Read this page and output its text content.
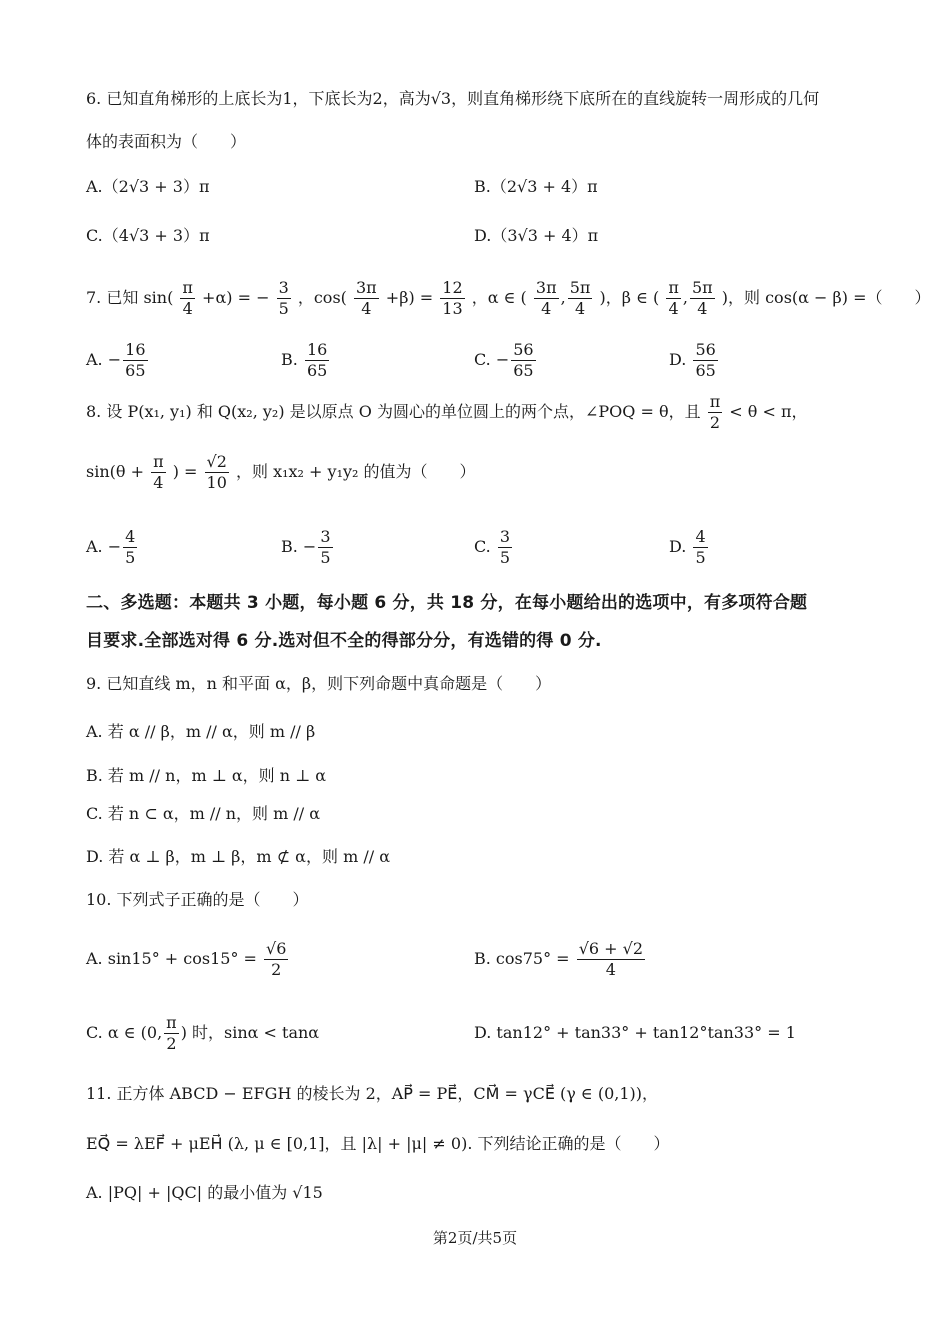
6. 已知直角梯形的上底长为1，下底长为2，高为√3，则直角梯形绕下底所在的直线旋转一周形成的几何
体的表面积为（　　）
A.（2√3 + 3）π	B.（2√3 + 4）π
C.（4√3 + 3）π	D.（3√3 + 4）π
7. 已知 $\sin( \frac{\pi}{4} +\alpha)$ = − $\frac{3}{5}$ ，$\cos( \frac{3\pi}{4} +\beta) = \frac{12}{13}$ ，α ∈ ( $\frac{3\pi}{4}$ , $\frac{5\pi}{4}$ )，β ∈ ( $\frac{\pi}{4}$ , $\frac{5\pi}{4}$ )，则 cos(α − β) =（　　）
A. − $\frac{16}{65}$	B. $\frac{16}{65}$	C. − $\frac{56}{65}$	D. $\frac{56}{65}$
8. 设 P(x₁, y₁) 和 Q(x₂, y₂) 是以原点 O 为圆心的单位圆上的两个点，∠POQ = θ，且 $\frac{\pi}{2} < \theta < \pi$，
$\sin(\theta + \frac{\pi}{4}$ ) = $\frac{√2}{10}$ ，则 x₁x₂ + y₁y₂ 的值为（　　）
A. − $\frac{4}{5}$	B. − $\frac{3}{5}$	C. $\frac{3}{5}$	D. $\frac{4}{5}$
二、多选题：本题共 3 小题，每小题 6 分，共 18 分，在每小题给出的选项中，有多项符合题
目要求.全部选对得 6 分.选对但不全的得部分分，有选错的得 0 分.
9. 已知直线 m，n 和平面 α，β，则下列命题中真命题是（　　）
A. 若 α // β，m // α，则 m // β
B. 若 m // n，m ⊥ α，则 n ⊥ α
C. 若 n ⊂ α，m // n，则 m // α
D. 若 α ⊥ β，m ⊥ β，m ⊄ α，则 m // α
10. 下列式子正确的是（　　）
A. $\sin 15^\circ + \cos 15^\circ = \frac{√6}{2}$	B. $\cos 75^\circ = \frac{√6 + √2}{4}$
C. α ∈ (0, $\frac{\pi}{2}$ ) 时，sinα < tanα	D. tan12° + tan33° + tan12°tan33° = 1
11. 正方体 ABCD − EFGH 的棱长为 2，AP⃗ = PE⃗，CM⃗ = γCE⃗ (γ ∈ (0,1))，
EQ⃗ = λEF⃗ + μEH⃗ (λ, μ ∈ [0,1]，且 |λ| + |μ| ≠ 0). 下列结论正确的是（　　）
A. |PQ| + |QC| 的最小值为 √15
第2页/共5页
